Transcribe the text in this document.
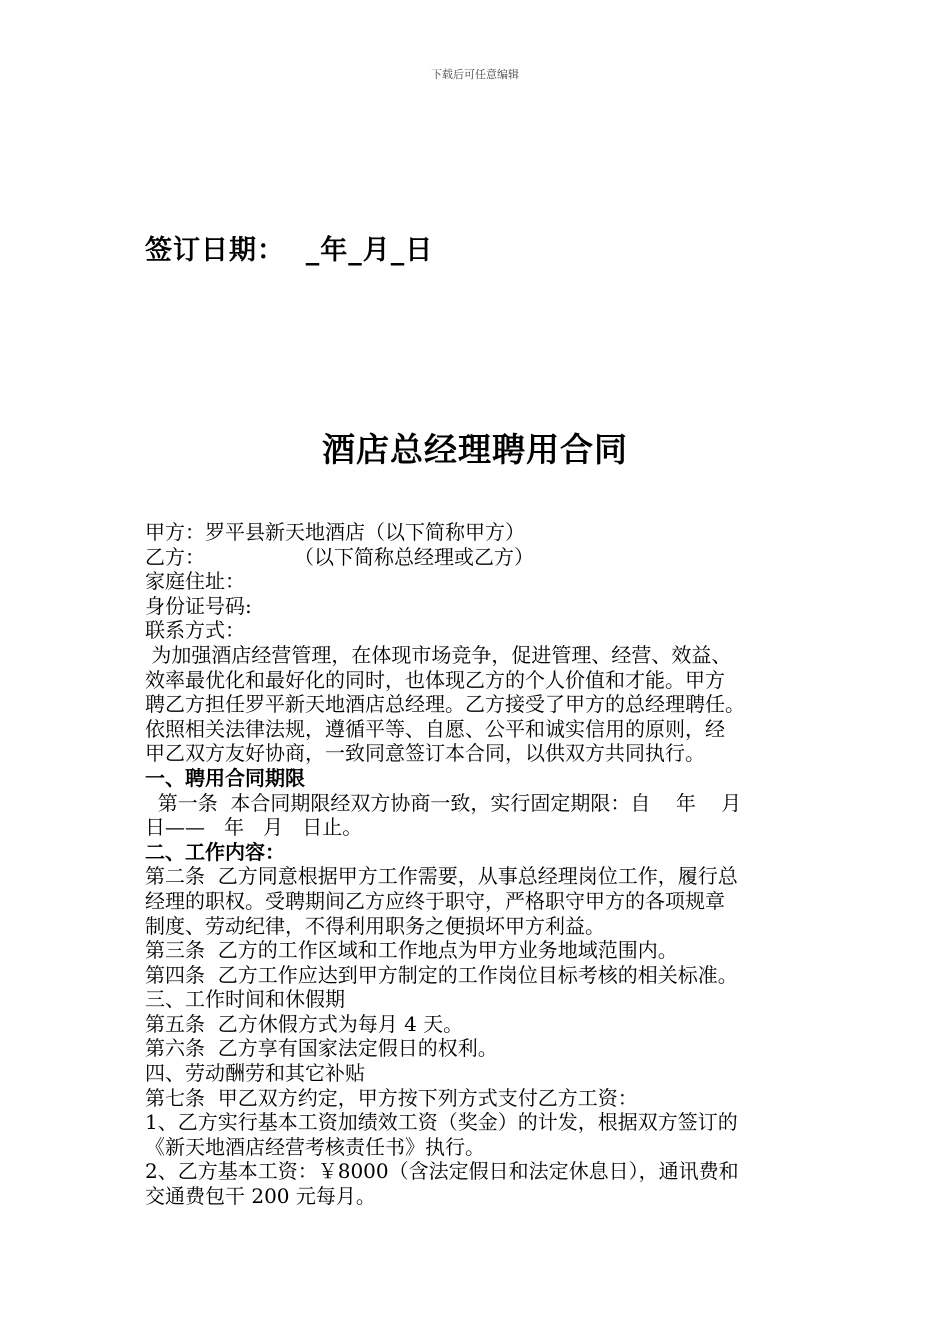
下载后可任意编辑
签订日期：  _年_月_日
酒店总经理聘用合同
甲方：罗平县新天地酒店（以下简称甲方）
乙方：              （以下简称总经理或乙方）
家庭住址：
身份证号码:
联系方式：
为加强酒店经营管理，在体现市场竞争，促进管理、经营、效益、
效率最优化和最好化的同时，也体现乙方的个人价值和才能。甲方
聘乙方担任罗平新天地酒店总经理。乙方接受了甲方的总经理聘任。
依照相关法律法规，遵循平等、自愿、公平和诚实信用的原则，经
甲乙双方友好协商，一致同意签订本合同，以供双方共同执行。
一、聘用合同期限
第一条  本合同期限经双方协商一致，实行固定期限：自    年    月
日——   年   月   日止。
二、工作内容：
第二条  乙方同意根据甲方工作需要，从事总经理岗位工作，履行总
经理的职权。受聘期间乙方应终于职守，严格职守甲方的各项规章
制度、劳动纪律，不得利用职务之便损坏甲方利益。
第三条  乙方的工作区域和工作地点为甲方业务地域范围内。
第四条  乙方工作应达到甲方制定的工作岗位目标考核的相关标准。
三、工作时间和休假期
第五条  乙方休假方式为每月 4 天。
第六条  乙方享有国家法定假日的权利。
四、劳动酬劳和其它补贴
第七条  甲乙双方约定，甲方按下列方式支付乙方工资：
1、乙方实行基本工资加绩效工资（奖金）的计发，根据双方签订的
《新天地酒店经营考核责任书》执行。
2、乙方基本工资：￥8000（含法定假日和法定休息日），通讯费和
交通费包干 200 元每月。
